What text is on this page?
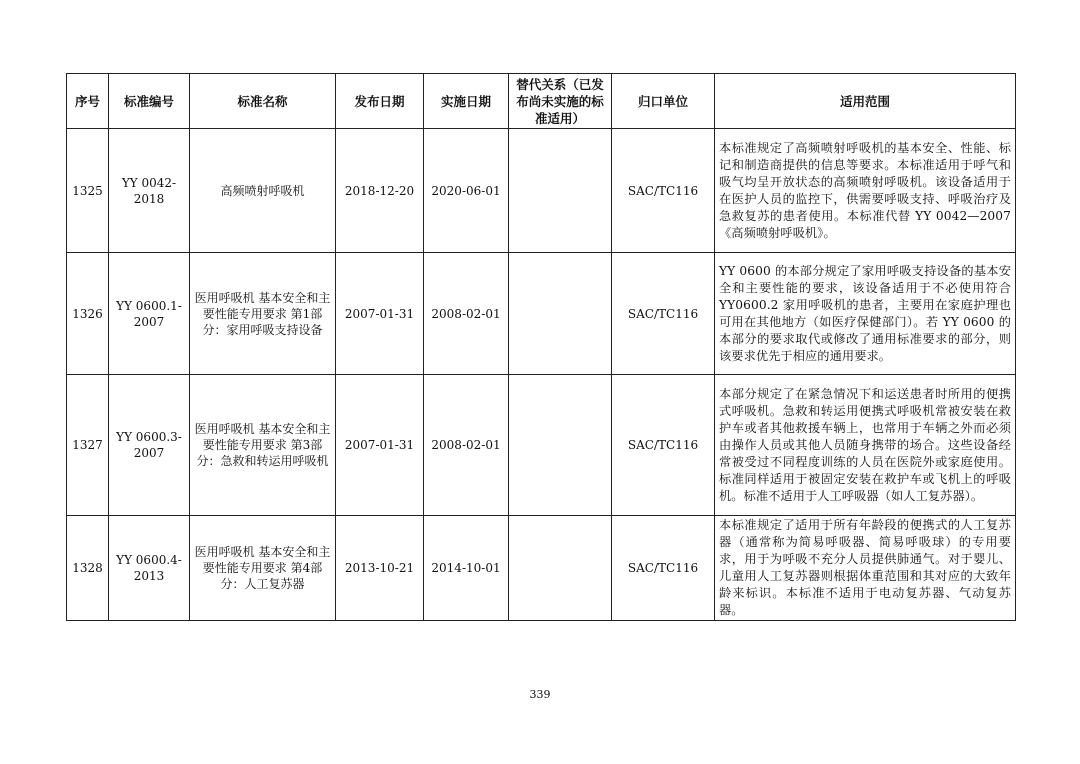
序号	标准编号	标准名称	发布日期	实施日期	替代关系（已发布尚未实施的标准适用）	归口单位	适用范围
1325	YY 0042-2018	高频喷射呼吸机	2018-12-20	2020-06-01		SAC/TC116	本标准规定了高频喷射呼吸机的基本安全、性能、标记和制造商提供的信息等要求。本标准适用于呼气和吸气均呈开放状态的高频喷射呼吸机。该设备适用于在医护人员的监控下，供需要呼吸支持、呼吸治疗及急救复苏的患者使用。本标准代替 YY 0042—2007《高频喷射呼吸机》。
1326	YY 0600.1-2007	医用呼吸机 基本安全和主要性能专用要求 第1部分：家用呼吸支持设备	2007-01-31	2008-02-01		SAC/TC116	YY 0600 的本部分规定了家用呼吸支持设备的基本安全和主要性能的要求，该设备适用于不必使用符合 YY0600.2 家用呼吸机的患者，主要用在家庭护理也可用在其他地方（如医疗保健部门）。若 YY 0600 的本部分的要求取代或修改了通用标准要求的部分，则该要求优先于相应的通用要求。
1327	YY 0600.3-2007	医用呼吸机 基本安全和主要性能专用要求 第3部分：急救和转运用呼吸机	2007-01-31	2008-02-01		SAC/TC116	本部分规定了在紧急情况下和运送患者时所用的便携式呼吸机。急救和转运用便携式呼吸机常被安装在救护车或者其他救援车辆上，也常用于车辆之外而必须由操作人员或其他人员随身携带的场合。这些设备经常被受过不同程度训练的人员在医院外或家庭使用。标准同样适用于被固定安装在救护车或飞机上的呼吸机。标准不适用于人工呼吸器（如人工复苏器）。
1328	YY 0600.4-2013	医用呼吸机 基本安全和主要性能专用要求 第4部分：人工复苏器	2013-10-21	2014-10-01		SAC/TC116	本标准规定了适用于所有年龄段的便携式的人工复苏器（通常称为简易呼吸器、简易呼吸球）的专用要求，用于为呼吸不充分人员提供肺通气。对于婴儿、儿童用人工复苏器则根据体重范围和其对应的大致年龄来标识。本标准不适用于电动复苏器、气动复苏器。
339
